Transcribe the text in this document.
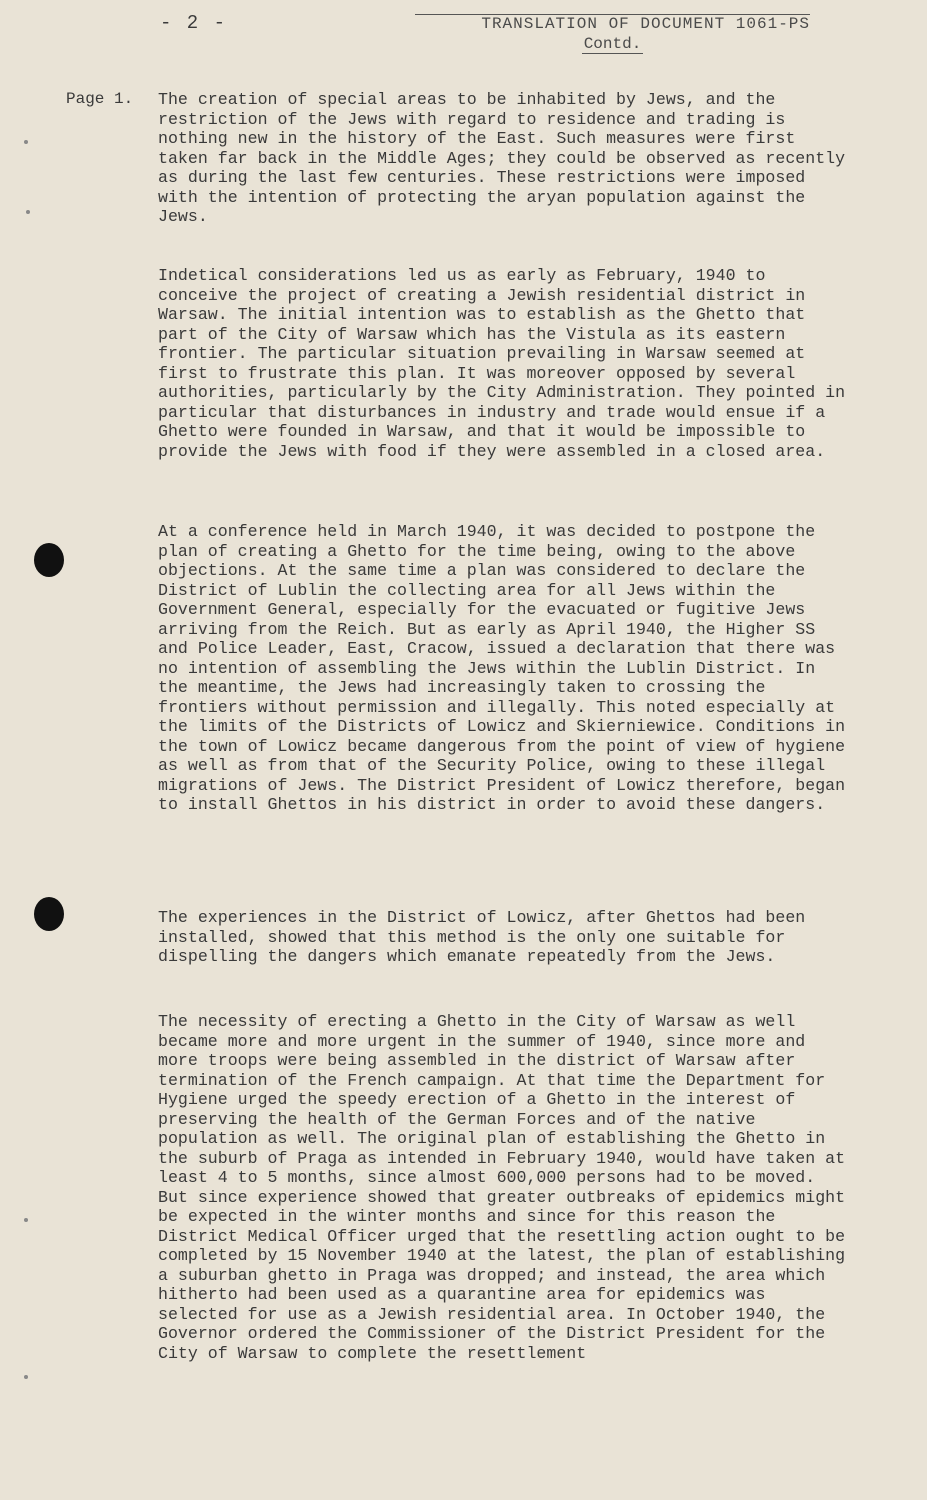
- 2 -	TRANSLATION OF DOCUMENT 1061-PS
Contd.
Page 1. The creation of special areas to be inhabited by Jews, and the restriction of the Jews with regard to residence and trading is nothing new in the history of the East. Such measures were first taken far back in the Middle Ages; they could be observed as recently as during the last few centuries. These restrictions were imposed with the intention of protecting the aryan population against the Jews.

Indetical considerations led us as early as February, 1940 to conceive the project of creating a Jewish residential district in Warsaw. The initial intention was to establish as the Ghetto that part of the City of Warsaw which has the Vistula as its eastern frontier. The particular situation prevailing in Warsaw seemed at first to frustrate this plan. It was moreover opposed by several authorities, particularly by the City Administration. They pointed in particular that disturbances in industry and trade would ensue if a Ghetto were founded in Warsaw, and that it would be impossible to provide the Jews with food if they were assembled in a closed area.

At a conference held in March 1940, it was decided to postpone the plan of creating a Ghetto for the time being, owing to the above objections. At the same time a plan was considered to declare the District of Lublin the collecting area for all Jews within the Government General, especially for the evacuated or fugitive Jews arriving from the Reich. But as early as April 1940, the Higher SS and Police Leader, East, Cracow, issued a declaration that there was no intention of assembling the Jews within the Lublin District. In the meantime, the Jews had increasingly taken to crossing the frontiers without permission and illegally. This noted especially at the limits of the Districts of Lowicz and Skierniewice. Conditions in the town of Lowicz became dangerous from the point of view of hygiene as well as from that of the Security Police, owing to these illegal migrations of Jews. The District President of Lowicz therefore, began to install Ghettos in his district in order to avoid these dangers.

The experiences in the District of Lowicz, after Ghettos had been installed, showed that this method is the only one suitable for dispelling the dangers which emanate repeatedly from the Jews.

The necessity of erecting a Ghetto in the City of Warsaw as well became more and more urgent in the summer of 1940, since more and more troops were being assembled in the district of Warsaw after termination of the French campaign. At that time the Department for Hygiene urged the speedy erection of a Ghetto in the interest of preserving the health of the German Forces and of the native population as well. The original plan of establishing the Ghetto in the suburb of Praga as intended in February 1940, would have taken at least 4 to 5 months, since almost 600,000 persons had to be moved. But since experience showed that greater outbreaks of epidemics might be expected in the winter months and since for this reason the District Medical Officer urged that the resettling action ought to be completed by 15 November 1940 at the latest, the plan of establishing a suburban ghetto in Praga was dropped; and instead, the area which hitherto had been used as a quarantine area for epidemics was selected for use as a Jewish residential area. In October 1940, the Governor ordered the Commissioner of the District President for the City of Warsaw to complete the resettlement
